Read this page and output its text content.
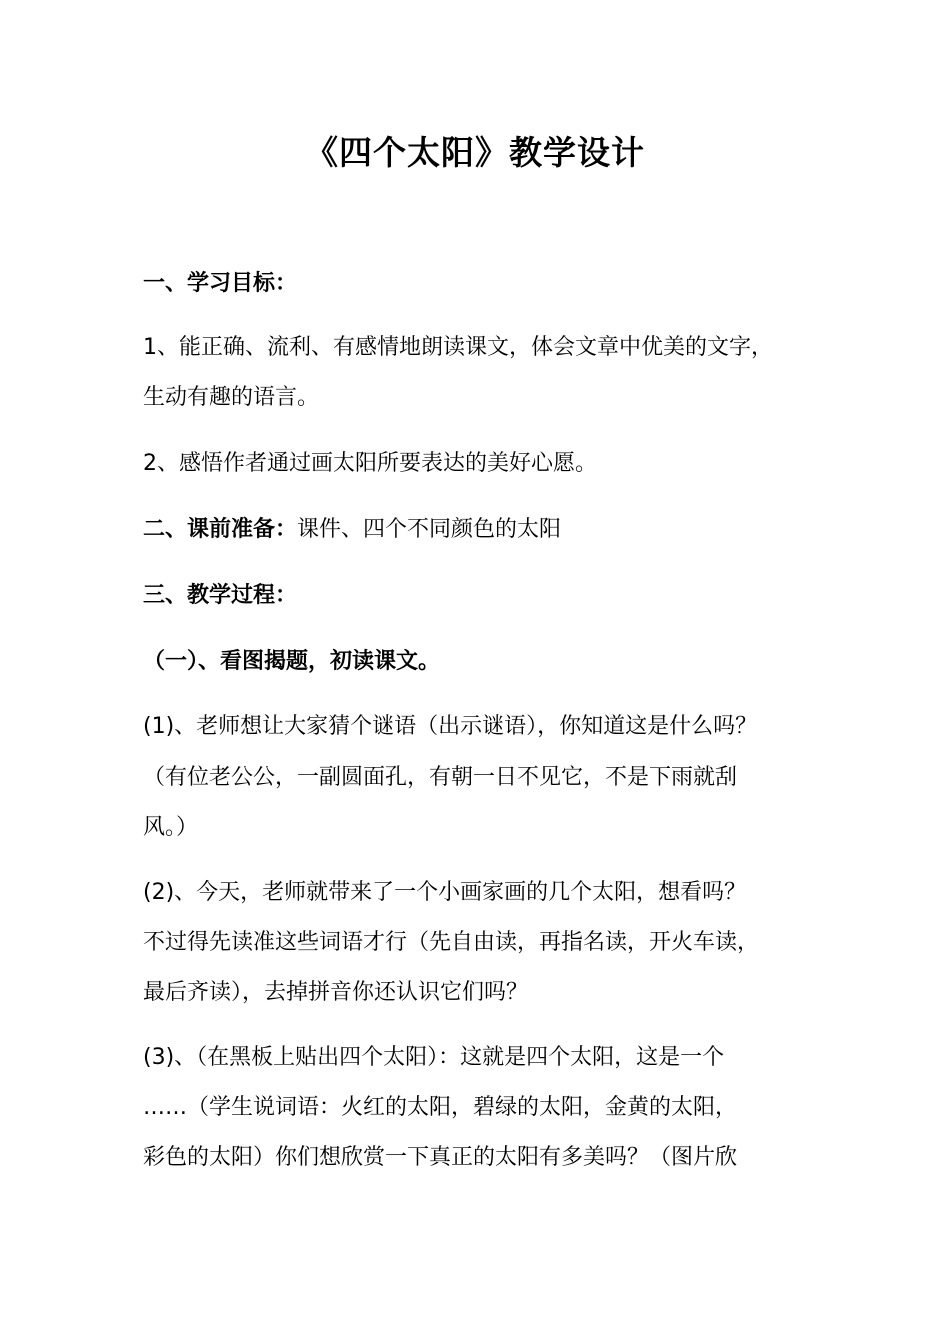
《四个太阳》教学设计
一、学习目标：
1、能正确、流利、有感情地朗读课文，体会文章中优美的文字，
生动有趣的语言。
2、感悟作者通过画太阳所要表达的美好心愿。
二、课前准备：课件、四个不同颜色的太阳
三、教学过程：
（一）、看图揭题，初读课文。
(1)、老师想让大家猜个谜语（出示谜语），你知道这是什么吗？
（有位老公公，一副圆面孔，有朝一日不见它，不是下雨就刮
风。）
(2)、今天，老师就带来了一个小画家画的几个太阳，想看吗？
不过得先读准这些词语才行（先自由读，再指名读，开火车读，
最后齐读），去掉拼音你还认识它们吗？
(3)、（在黑板上贴出四个太阳）：这就是四个太阳，这是一个
……（学生说词语：火红的太阳，碧绿的太阳，金黄的太阳，
彩色的太阳）你们想欣赏一下真正的太阳有多美吗？（图片欣
